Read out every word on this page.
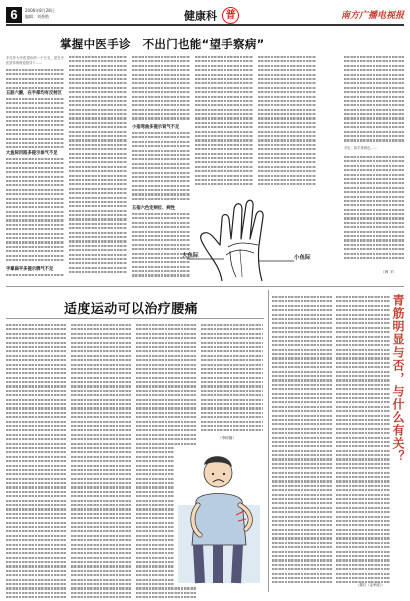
6	2006年8月28日
编辑：刘香艳	健康科 普	南方广播电视报
掌握中医手诊　不出门也能“望手察病”
手纹作为中医望诊的一个分支，是在中医望诊的理论指导下……
五脏六腑，在手部均有反射区
大鱼际凹陷多提示体气不足
手掌扁平多提示脾气不足
小指弯曲多提示肾气不足
五指六色定病位、病性
大鱼际	小鱼际
多色：如手掌颜色……
（韩 平）
适度运动可以治疗腰痛
（李树刚）
（摘自《金家庭》）
青筋明显与否，与什么有关？
